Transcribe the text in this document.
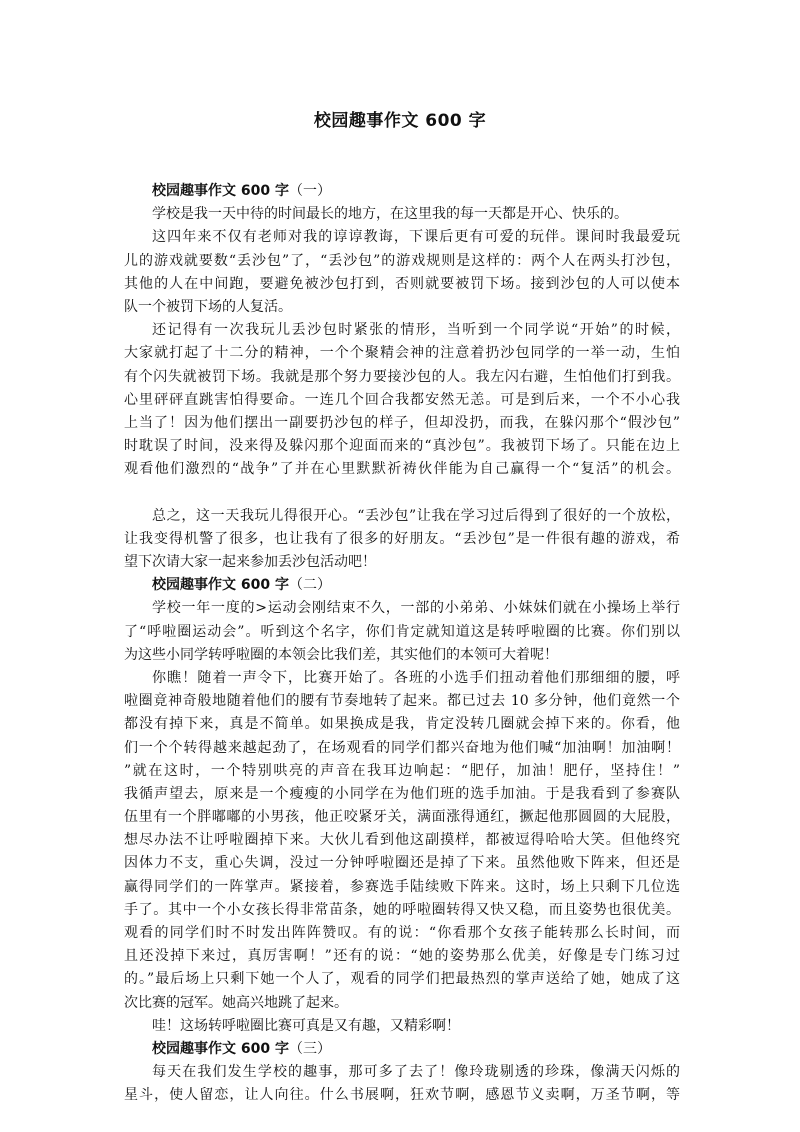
校园趣事作文 600 字
校园趣事作文 600 字（一）
学校是我一天中待的时间最长的地方，在这里我的每一天都是开心、快乐的。
这四年来不仅有老师对我的谆谆教诲，下课后更有可爱的玩伴。课间时我最爱玩
儿的游戏就要数“丢沙包”了，“丢沙包”的游戏规则是这样的：两个人在两头打沙包，
其他的人在中间跑，要避免被沙包打到，否则就要被罚下场。接到沙包的人可以使本
队一个被罚下场的人复活。
还记得有一次我玩儿丢沙包时紧张的情形，当听到一个同学说“开始”的时候，
大家就打起了十二分的精神，一个个聚精会神的注意着扔沙包同学的一举一动，生怕
有个闪失就被罚下场。我就是那个努力要接沙包的人。我左闪右避，生怕他们打到我。
心里砰砰直跳害怕得要命。一连几个回合我都安然无恙。可是到后来，一个不小心我
上当了！因为他们摆出一副要扔沙包的样子，但却没扔，而我，在躲闪那个“假沙包”
时耽误了时间，没来得及躲闪那个迎面而来的“真沙包”。我被罚下场了。只能在边上
观看他们激烈的“战争”了并在心里默默祈祷伙伴能为自己赢得一个“复活”的机会。
总之，这一天我玩儿得很开心。“丢沙包”让我在学习过后得到了很好的一个放松，
让我变得机警了很多，也让我有了很多的好朋友。“丢沙包”是一件很有趣的游戏，希
望下次请大家一起来参加丢沙包活动吧！
校园趣事作文 600 字（二）
学校一年一度的>运动会刚结束不久，一部的小弟弟、小妹妹们就在小操场上举行
了“呼啦圈运动会”。听到这个名字，你们肯定就知道这是转呼啦圈的比赛。你们别以
为这些小同学转呼啦圈的本领会比我们差，其实他们的本领可大着呢！
你瞧！随着一声令下，比赛开始了。各班的小选手们扭动着他们那细细的腰，呼
啦圈竟神奇般地随着他们的腰有节奏地转了起来。都已过去 10 多分钟，他们竟然一个
都没有掉下来，真是不简单。如果换成是我，肯定没转几圈就会掉下来的。你看，他
们一个个转得越来越起劲了，在场观看的同学们都兴奋地为他们喊“加油啊！加油啊！
”就在这时，一个特别哄亮的声音在我耳边响起：“肥仔，加油！肥仔，坚持住！”
我循声望去，原来是一个瘦瘦的小同学在为他们班的选手加油。于是我看到了参赛队
伍里有一个胖嘟嘟的小男孩，他正咬紧牙关，满面涨得通红，撅起他那圆圆的大屁股，
想尽办法不让呼啦圈掉下来。大伙儿看到他这副摸样，都被逗得哈哈大笑。但他终究
因体力不支，重心失调，没过一分钟呼啦圈还是掉了下来。虽然他败下阵来，但还是
赢得同学们的一阵掌声。紧接着，参赛选手陆续败下阵来。这时，场上只剩下几位选
手了。其中一个小女孩长得非常苗条，她的呼啦圈转得又快又稳，而且姿势也很优美。
观看的同学们时不时发出阵阵赞叹。有的说：“你看那个女孩子能转那么长时间，而
且还没掉下来过，真厉害啊！”还有的说：“她的姿势那么优美，好像是专门练习过
的。”最后场上只剩下她一个人了，观看的同学们把最热烈的掌声送给了她，她成了这
次比赛的冠军。她高兴地跳了起来。
哇！这场转呼啦圈比赛可真是又有趣，又精彩啊！
校园趣事作文 600 字（三）
每天在我们发生学校的趣事，那可多了去了！像玲珑剔透的珍珠，像满天闪烁的
星斗，使人留恋，让人向往。什么书展啊，狂欢节啊，感恩节义卖啊，万圣节啊，等
